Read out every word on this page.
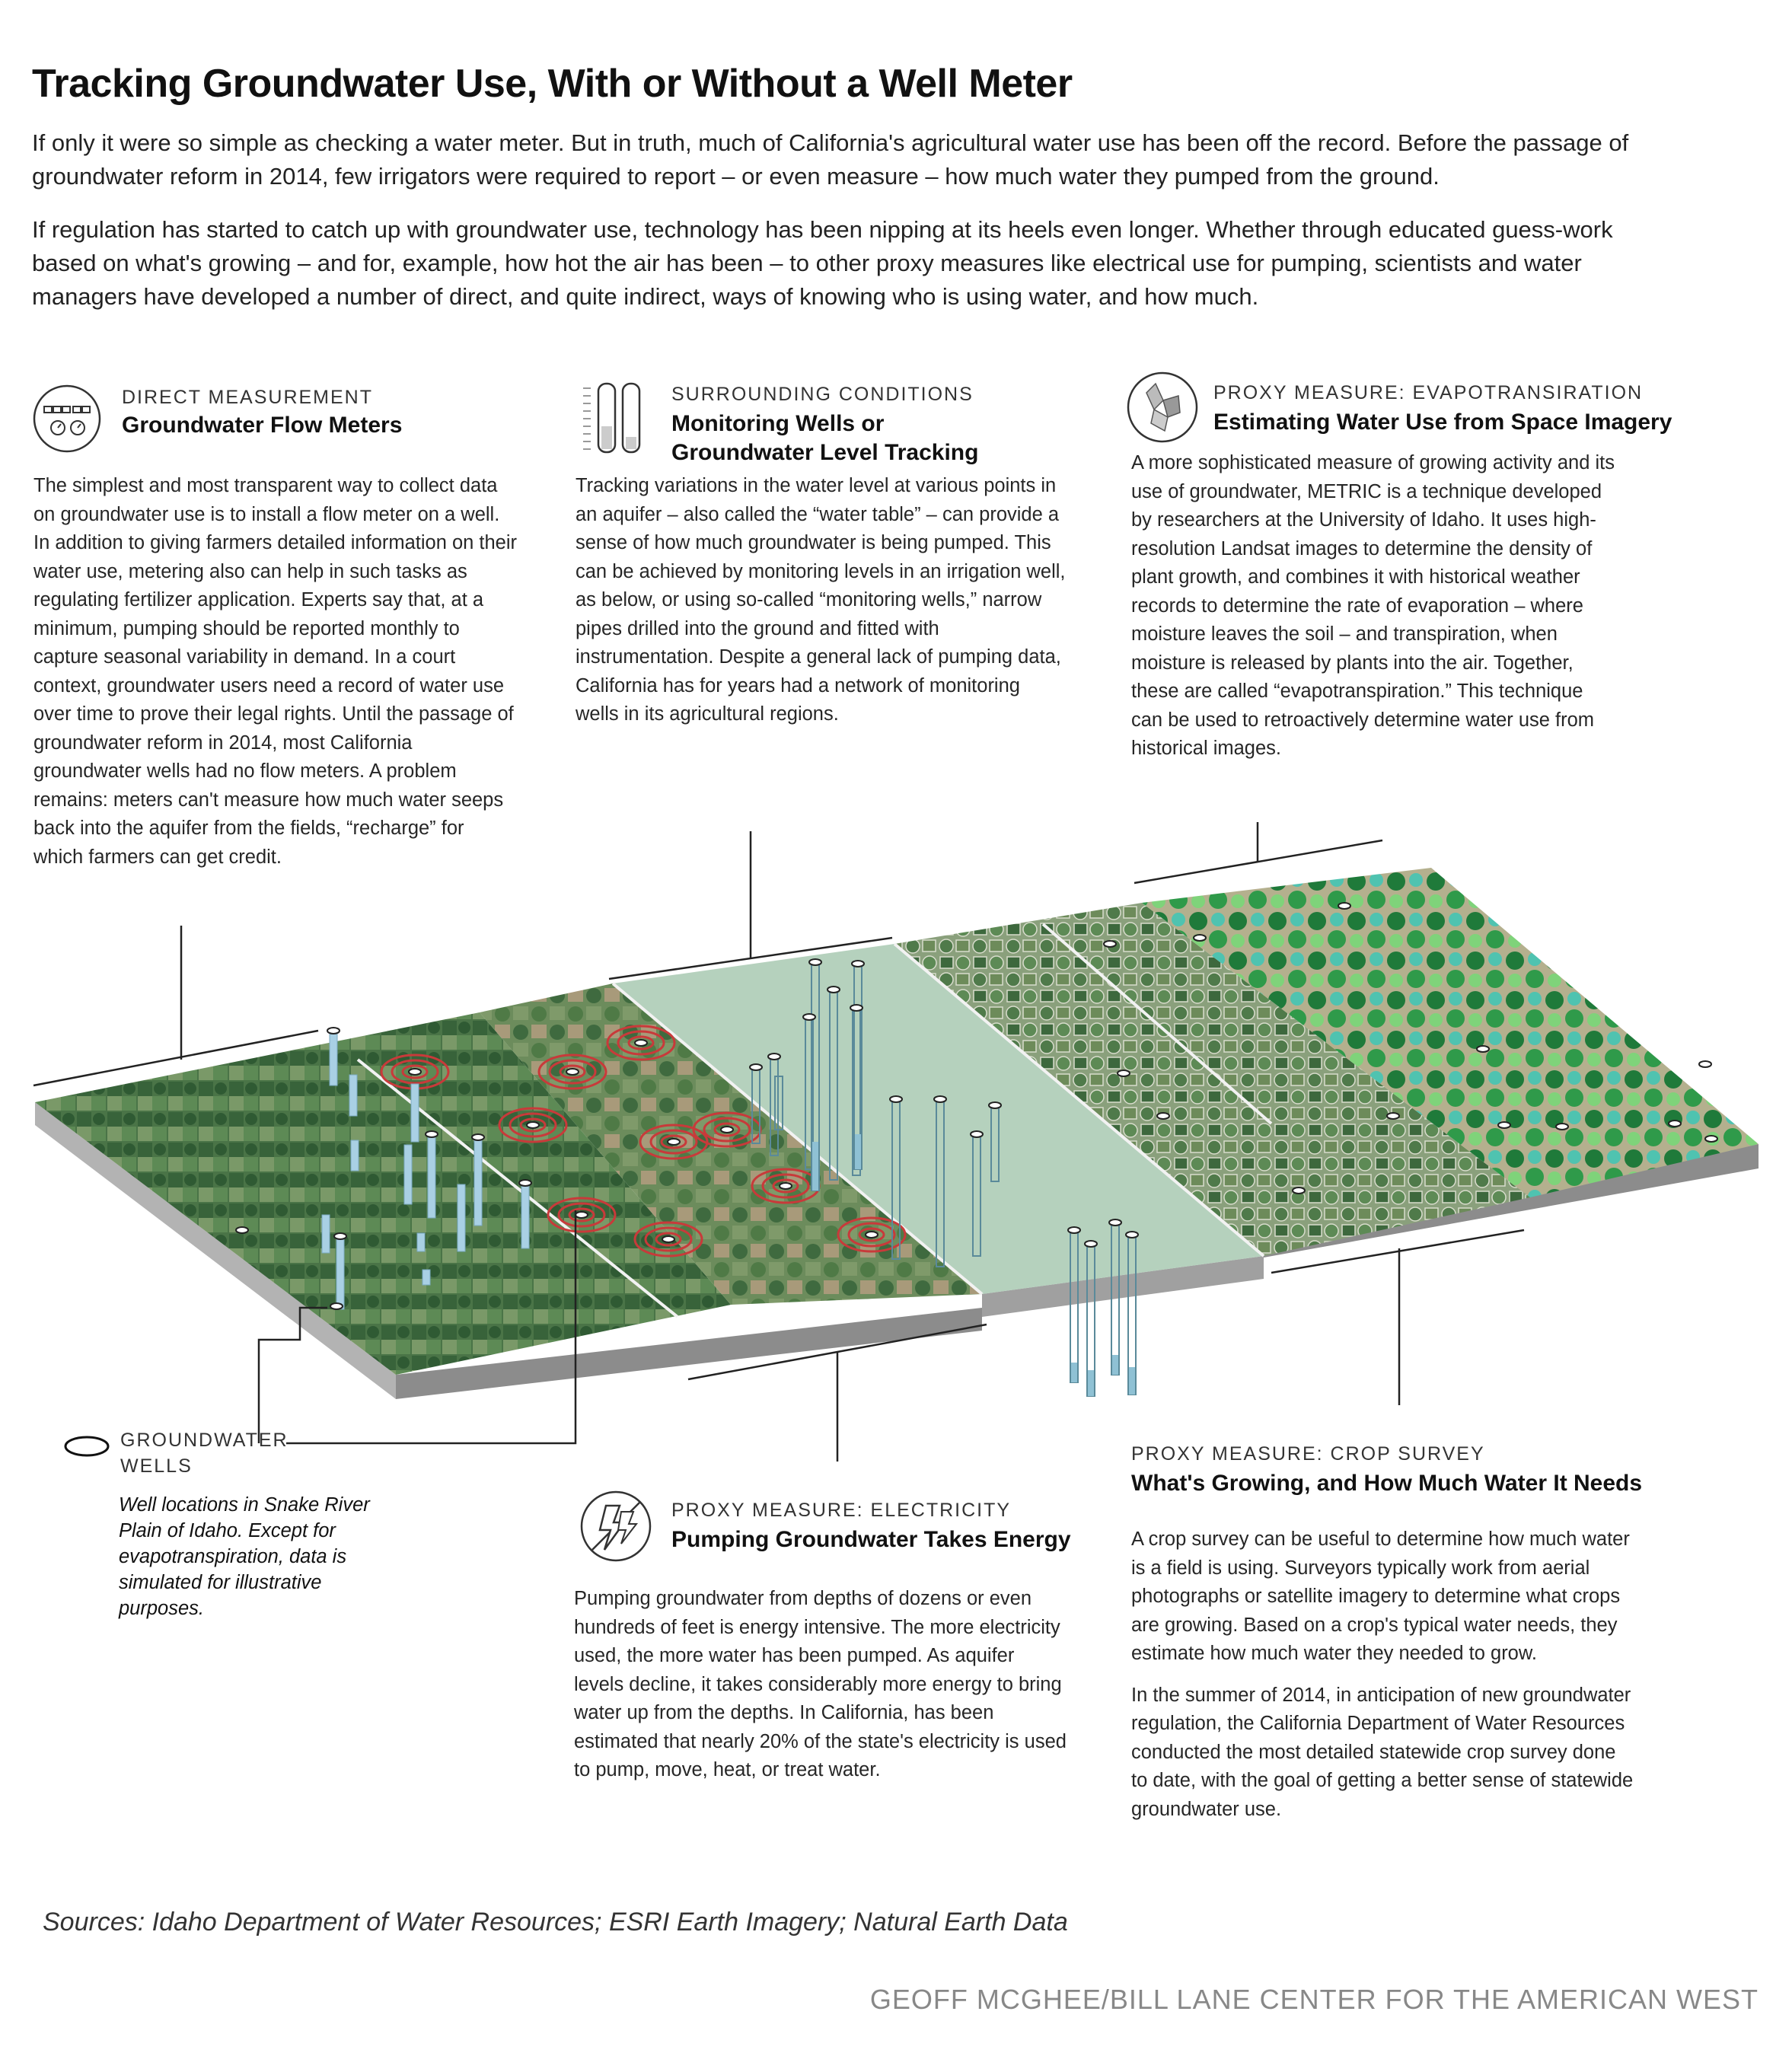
Tracking Groundwater Use, With or Without a Well Meter

If only it were so simple as checking a water meter. But in truth, much of California's agricultural water use has been off the record. Before the passage of groundwater reform in 2014, few irrigators were required to report – or even measure – how much water they pumped from the ground.

If regulation has started to catch up with groundwater use, technology has been nipping at its heels even longer. Whether through educated guess-work based on what's growing – and for, example, how hot the air has been – to other proxy measures like electrical use for pumping, scientists and water managers have developed a number of direct, and quite indirect, ways of knowing who is using water, and how much.

DIRECT MEASUREMENT
Groundwater Flow Meters
The simplest and most transparent way to collect data on groundwater use is to install a flow meter on a well. In addition to giving farmers detailed information on their water use, metering also can help in such tasks as regulating fertilizer application. Experts say that, at a minimum, pumping should be reported monthly to capture seasonal variability in demand. In a court context, groundwater users need a record of water use over time to prove their legal rights. Until the passage of groundwater reform in 2014, most California groundwater wells had no flow meters. A problem remains: meters can't measure how much water seeps back into the aquifer from the fields, “recharge” for which farmers can get credit.
SURROUNDING CONDITIONS
Monitoring Wells or
Groundwater Level Tracking
Tracking variations in the water level at various points in an aquifer – also called the “water table” – can provide a sense of how much groundwater is being pumped. This can be achieved by monitoring levels in an irrigation well, as below, or using so-called “monitoring wells,” narrow pipes drilled into the ground and fitted with instrumentation. Despite a general lack of pumping data, California has for years had a network of monitoring wells in its agricultural regions.
PROXY MEASURE: EVAPOTRANSIRATION
Estimating Water Use from Space Imagery
A more sophisticated measure of growing activity and its use of groundwater, METRIC is a technique developed by researchers at the University of Idaho. It uses high-resolution Landsat images to determine the density of plant growth, and combines it with historical weather records to determine the rate of evaporation – where moisture leaves the soil – and transpiration, when moisture is released by plants into the air. Together, these are called “evapotranspiration.” This technique can be used to retroactively determine water use from historical images.
GROUNDWATER
WELLS
Well locations in Snake River Plain of Idaho. Except for evapotranspiration, data is simulated for illustrative purposes.
PROXY MEASURE: ELECTRICITY
Pumping Groundwater Takes Energy
Pumping groundwater from depths of dozens or even hundreds of feet is energy intensive. The more electricity used, the more water has been pumped. As aquifer levels decline, it takes considerably more energy to bring water up from the depths. In California, has been estimated that nearly 20% of the state's electricity is used to pump, move, heat, or treat water.
PROXY MEASURE: CROP SURVEY
What's Growing, and How Much Water It Needs

A crop survey can be useful to determine how much water is a field is using. Surveyors typically work from aerial photographs or satellite imagery to determine what crops are growing. Based on a crop's typical water needs, they estimate how much water they needed to grow.

In the summer of 2014, in anticipation of new groundwater regulation, the California Department of Water Resources conducted the most detailed statewide crop survey done to date, with the goal of getting a better sense of statewide groundwater use.

Sources: Idaho Department of Water Resources; ESRI Earth Imagery; Natural Earth Data
GEOFF MCGHEE/BILL LANE CENTER FOR THE AMERICAN WEST
